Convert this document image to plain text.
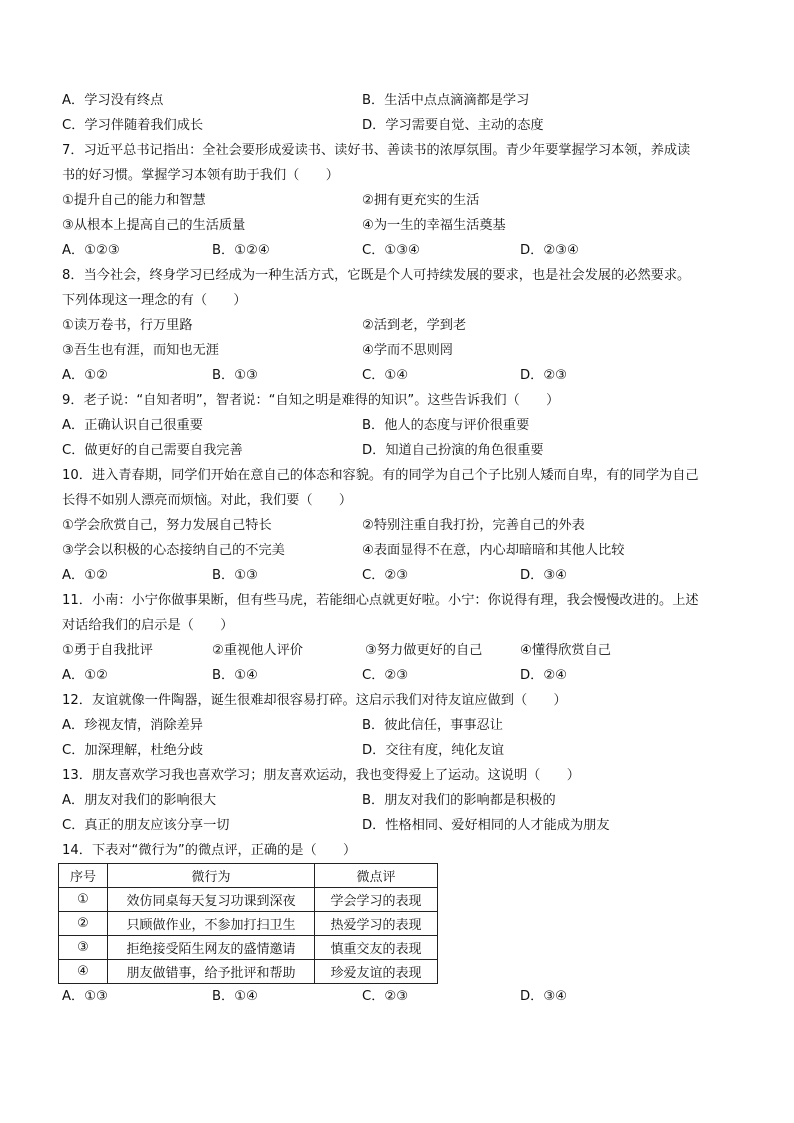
A．学习没有终点	B．生活中点点滴滴都是学习
C．学习伴随着我们成长	D．学习需要自觉、主动的态度
7．习近平总书记指出：全社会要形成爱读书、读好书、善读书的浓厚氛围。青少年要掌握学习本领，养成读
书的好习惯。掌握学习本领有助于我们（　　）
①提升自己的能力和智慧	②拥有更充实的生活
③从根本上提高自己的生活质量	④为一生的幸福生活奠基
A．①②③	B．①②④	C．①③④	D．②③④
8．当今社会，终身学习已经成为一种生活方式，它既是个人可持续发展的要求，也是社会发展的必然要求。
下列体现这一理念的有（　　）
①读万卷书，行万里路	②活到老，学到老
③吾生也有涯，而知也无涯	④学而不思则罔
A．①②	B．①③	C．①④	D．②③
9．老子说：“自知者明”，智者说：“自知之明是难得的知识”。这些告诉我们（　　）
A．正确认识自己很重要	B．他人的态度与评价很重要
C．做更好的自己需要自我完善	D．知道自己扮演的角色很重要
10．进入青春期，同学们开始在意自己的体态和容貌。有的同学为自己个子比别人矮而自卑，有的同学为自己
长得不如别人漂亮而烦恼。对此，我们要（　　）
①学会欣赏自己，努力发展自己特长	②特别注重自我打扮，完善自己的外表
③学会以积极的心态接纳自己的不完美	④表面显得不在意，内心却暗暗和其他人比较
A．①②	B．①③	C．②③	D．③④
11．小南：小宁你做事果断，但有些马虎，若能细心点就更好啦。小宁：你说得有理，我会慢慢改进的。上述
对话给我们的启示是（　　）
①勇于自我批评	②重视他人评价	③努力做更好的自己	④懂得欣赏自己
A．①②	B．①④	C．②③	D．②④
12．友谊就像一件陶器，诞生很难却很容易打碎。这启示我们对待友谊应做到（　　）
A．珍视友情，消除差异	B．彼此信任，事事忍让
C．加深理解，杜绝分歧	D．交往有度，纯化友谊
13．朋友喜欢学习我也喜欢学习；朋友喜欢运动，我也变得爱上了运动。这说明（　　）
A．朋友对我们的影响很大	B．朋友对我们的影响都是积极的
C．真正的朋友应该分享一切	D．性格相同、爱好相同的人才能成为朋友
14．下表对“微行为”的微点评，正确的是（　　）
序号	微行为	微点评
①	效仿同桌每天复习功课到深夜	学会学习的表现
②	只顾做作业，不参加打扫卫生	热爱学习的表现
③	拒绝接受陌生网友的盛情邀请	慎重交友的表现
④	朋友做错事，给予批评和帮助	珍爱友谊的表现
A．①③	B．①④	C．②③	D．③④
